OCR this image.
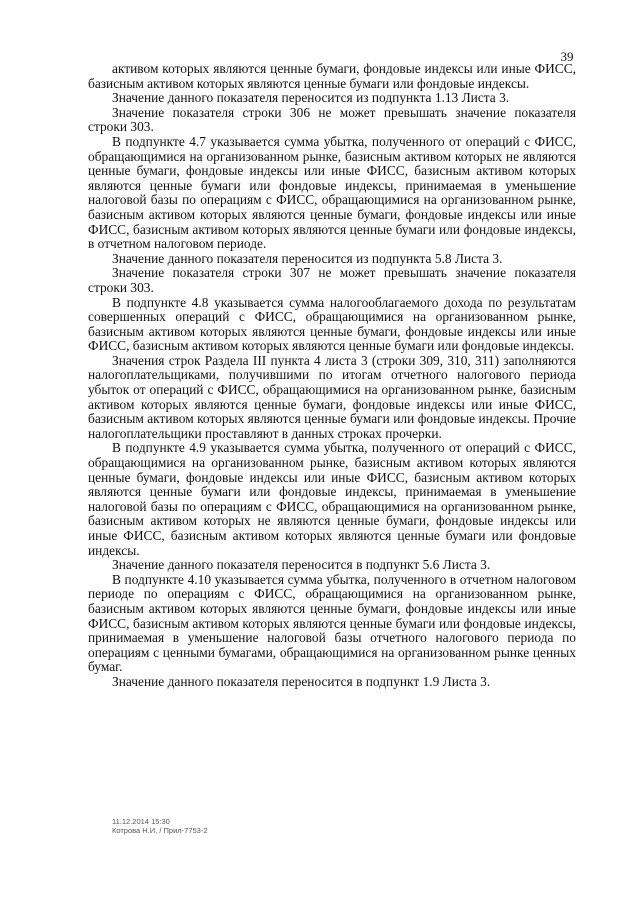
39

активом которых являются ценные бумаги, фондовые индексы или иные ФИСС, базисным активом которых являются ценные бумаги или фондовые индексы.

Значение данного показателя переносится из подпункта 1.13 Листа 3.

Значение показателя строки 306 не может превышать значение показателя строки 303.

В подпункте 4.7 указывается сумма убытка, полученного от операций с ФИСС, обращающимися на организованном рынке, базисным активом которых не являются ценные бумаги, фондовые индексы или иные ФИСС, базисным активом которых являются ценные бумаги или фондовые индексы, принимаемая в уменьшение налоговой базы по операциям с ФИСС, обращающимися на организованном рынке, базисным активом которых являются ценные бумаги, фондовые индексы или иные ФИСС, базисным активом которых являются ценные бумаги или фондовые индексы, в отчетном налоговом периоде.

Значение данного показателя переносится из подпункта 5.8 Листа 3.

Значение показателя строки 307 не может превышать значение показателя строки 303.

В подпункте 4.8 указывается сумма налогооблагаемого дохода по результатам совершенных операций с ФИСС, обращающимися на организованном рынке, базисным активом которых являются ценные бумаги, фондовые индексы или иные ФИСС, базисным активом которых являются ценные бумаги или фондовые индексы.

Значения строк Раздела III пункта 4 листа 3 (строки 309, 310, 311) заполняются налогоплательщиками, получившими по итогам отчетного налогового периода убыток от операций с ФИСС, обращающимися на организованном рынке, базисным активом которых являются ценные бумаги, фондовые индексы или иные ФИСС, базисным активом которых являются ценные бумаги или фондовые индексы. Прочие налогоплательщики проставляют в данных строках прочерки.

В подпункте 4.9 указывается сумма убытка, полученного от операций с ФИСС, обращающимися на организованном рынке, базисным активом которых являются ценные бумаги, фондовые индексы или иные ФИСС, базисным активом которых являются ценные бумаги или фондовые индексы, принимаемая в уменьшение налоговой базы по операциям с ФИСС, обращающимися на организованном рынке, базисным активом которых не являются ценные бумаги, фондовые индексы или иные ФИСС, базисным активом которых являются ценные бумаги или фондовые индексы.

Значение данного показателя переносится в подпункт 5.6 Листа 3.

В подпункте 4.10 указывается сумма убытка, полученного в отчетном налоговом периоде по операциям с ФИСС, обращающимися на организованном рынке, базисным активом которых являются ценные бумаги, фондовые индексы или иные ФИСС, базисным активом которых являются ценные бумаги или фондовые индексы, принимаемая в уменьшение налоговой базы отчетного налогового периода по операциям с ценными бумагами, обращающимися на организованном рынке ценных бумаг.

Значение данного показателя переносится в подпункт 1.9 Листа 3.

11.12.2014 15:30
Котрова Н.И. / Прил-7753-2
